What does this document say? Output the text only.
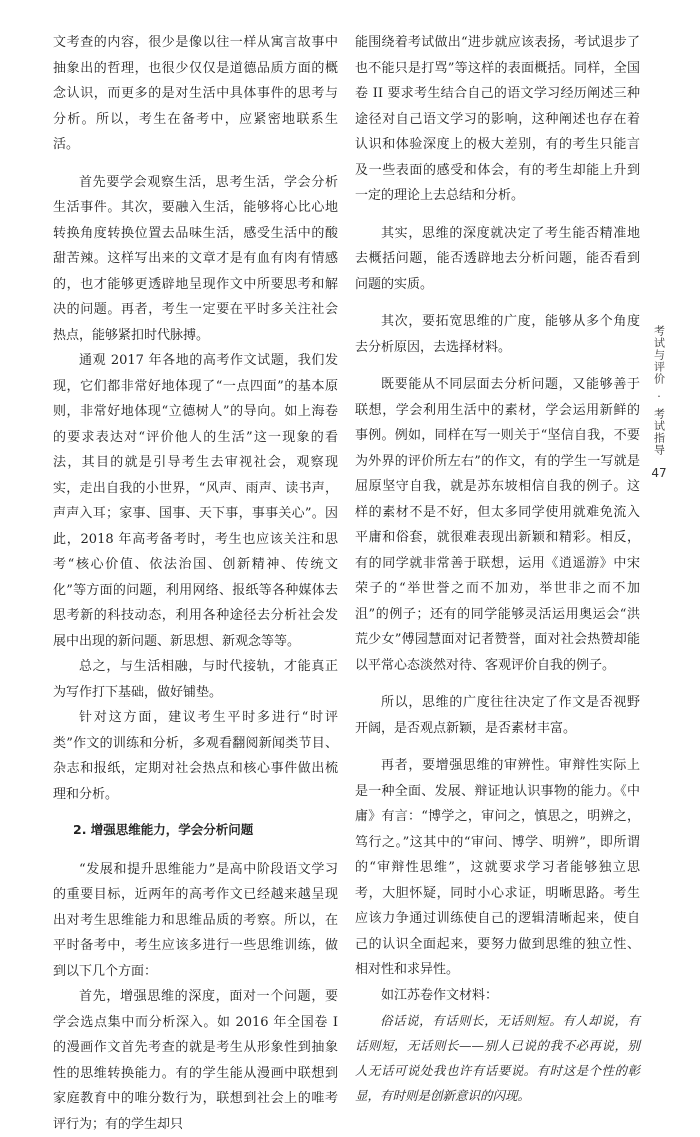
文考查的内容，很少是像以往一样从寓言故事中抽象出的哲理，也很少仅仅是道德品质方面的概念认识，而更多的是对生活中具体事件的思考与分析。所以，考生在备考中，应紧密地联系生活。

首先要学会观察生活，思考生活，学会分析生活事件。其次，要融入生活，能够将心比心地转换角度转换位置去品味生活，感受生活中的酸甜苦辣。这样写出来的文章才是有血有肉有情感的，也才能够更透辟地呈现作文中所要思考和解决的问题。再者，考生一定要在平时多关注社会热点，能够紧扣时代脉搏。

通观 2017 年各地的高考作文试题，我们发现，它们都非常好地体现了“一点四面”的基本原则，非常好地体现“立德树人”的导向。如上海卷的要求表达对“评价他人的生活”这一现象的看法，其目的就是引导考生去审视社会，观察现实，走出自我的小世界，“风声、雨声、读书声，声声入耳；家事、国事、天下事，事事关心”。因此，2018 年高考备考时，考生也应该关注和思考“核心价值、依法治国、创新精神、传统文化”等方面的问题，利用网络、报纸等各种媒体去思考新的科技动态，利用各种途径去分析社会发展中出现的新问题、新思想、新观念等等。

总之，与生活相融，与时代接轨，才能真正为写作打下基础，做好铺垫。

针对这方面，建议考生平时多进行“时评类”作文的训练和分析，多观看翻阅新闻类节目、杂志和报纸，定期对社会热点和核心事件做出梳理和分析。

2. 增强思维能力，学会分析问题

“发展和提升思维能力”是高中阶段语文学习的重要目标，近两年的高考作文已经越来越呈现出对考生思维能力和思维品质的考察。所以，在平时备考中，考生应该多进行一些思维训练，做到以下几个方面：

首先，增强思维的深度，面对一个问题，要学会选点集中而分析深入。如 2016 年全国卷 I 的漫画作文首先考查的就是考生从形象性到抽象性的思维转换能力。有的学生能从漫画中联想到家庭教育中的唯分数行为，联想到社会上的唯考评行为；有的学生却只

能围绕着考试做出“进步就应该表扬，考试退步了也不能只是打骂”等这样的表面概括。同样，全国卷 II 要求考生结合自己的语文学习经历阐述三种途径对自己语文学习的影响，这种阐述也存在着认识和体验深度上的极大差别，有的考生只能言及一些表面的感受和体会，有的考生却能上升到一定的理论上去总结和分析。

其实，思维的深度就决定了考生能否精准地去概括问题，能否透辟地去分析问题，能否看到问题的实质。

其次，要拓宽思维的广度，能够从多个角度去分析原因，去选择材料。

既要能从不同层面去分析问题，又能够善于联想，学会利用生活中的素材，学会运用新鲜的事例。例如，同样在写一则关于“坚信自我，不要为外界的评价所左右”的作文，有的学生一写就是屈原坚守自我，就是苏东坡相信自我的例子。这样的素材不是不好，但太多同学使用就难免流入平庸和俗套，就很难表现出新颖和精彩。相反，有的同学就非常善于联想，运用《逍遥游》中宋荣子的“举世誉之而不加劝，举世非之而不加沮”的例子；还有的同学能够灵活运用奥运会“洪荒少女”傅园慧面对记者赞誉，面对社会热赞却能以平常心态淡然对待、客观评价自我的例子。

所以，思维的广度往往决定了作文是否视野开阔，是否观点新颖，是否素材丰富。

再者，要增强思维的审辨性。审辩性实际上是一种全面、发展、辩证地认识事物的能力。《中庸》有言：“博学之，审问之，慎思之，明辨之，笃行之。”这其中的“审问、博学、明辨”，即所谓的“审辩性思维”，这就要求学习者能够独立思考，大胆怀疑，同时小心求证，明晰思路。考生应该力争通过训练使自己的逻辑清晰起来，使自己的认识全面起来，要努力做到思维的独立性、相对性和求异性。

如江苏卷作文材料：

俗话说，有话则长，无话则短。有人却说，有话则短，无话则长——别人已说的我不必再说，别人无话可说处我也许有话要说。有时这是个性的彰显，有时则是创新意识的闪现。

考试与评价
·
考试指导
47
